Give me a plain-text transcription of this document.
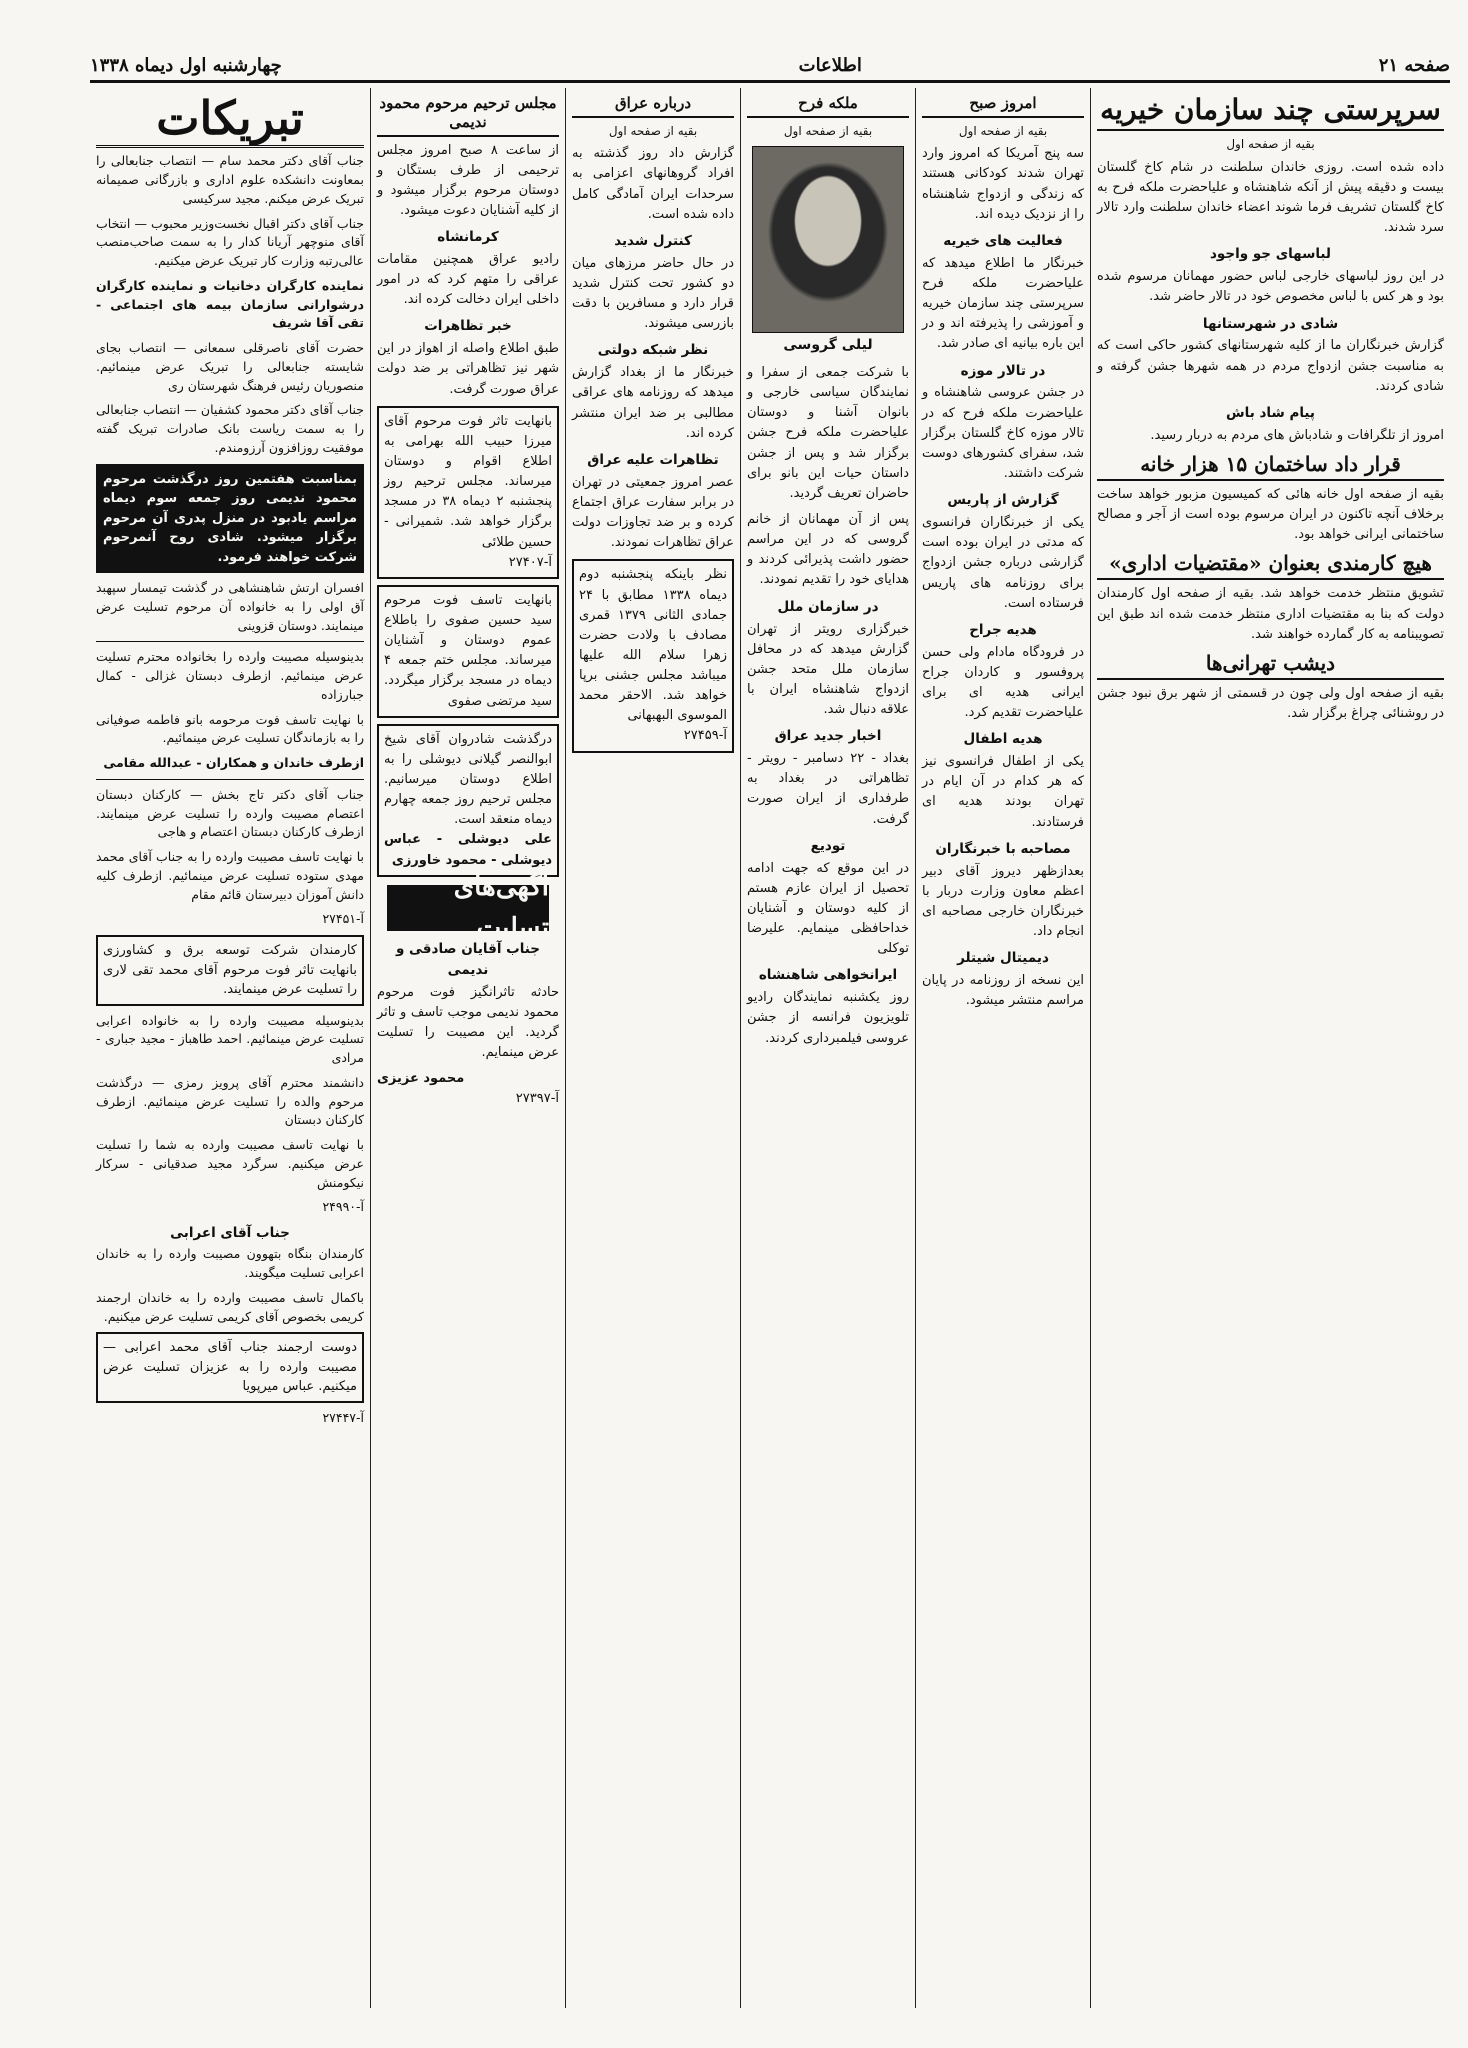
چهارشنبه اول دیماه ۱۳۳۸	اطلاعات	صفحه ۲۱
سرپرستی چند سازمان خیریه
بقیه از صفحه اول

داده شده است. روزی خاندان سلطنت در شام کاخ گلستان بیست و دقیقه پیش از آنکه شاهنشاه و علیاحضرت ملکه فرح به کاخ گلستان تشریف فرما شوند اعضاء خاندان سلطنت وارد تالار سرد شدند.

لباسهای جو واجود

در این روز لباسهای خارجی لباس حضور مهمانان مرسوم شده بود و هر کس با لباس مخصوص خود در تالار حاضر شد.

شادی در شهرستانها

گزارش خبرنگاران ما از کلیه شهرستانهای کشور حاکی است که به مناسبت جشن ازدواج مردم در همه شهرها جشن گرفته و شادی کردند.

پیام شاد باش

امروز از تلگرافات و شادباش های مردم به دربار رسید.

قرار داد ساختمان ۱۵ هزار خانه

بقیه از صفحه اول خانه هائی که کمیسیون مزبور خواهد ساخت برخلاف آنچه تاکنون در ایران مرسوم بوده است از آجر و مصالح ساختمانی ایرانی خواهد بود.

هیچ کارمندی بعنوان «مقتضیات اداری»

تشویق منتظر خدمت خواهد شد. بقیه از صفحه اول کارمندان دولت که بنا به مقتضیات اداری منتظر خدمت شده اند طبق این تصویبنامه به کار گمارده خواهند شد.

دیشب تهرانی‌ها

بقیه از صفحه اول ولی چون در قسمتی از شهر برق نبود جشن در روشنائی چراغ برگزار شد.

امروز صبح
بقیه از صفحه اول

سه پنج آمریکا که امروز وارد تهران شدند کودکانی هستند که زندگی و ازدواج شاهنشاه را از نزدیک دیده اند.

فعالیت های خیریه

خبرنگار ما اطلاع میدهد که علیاحضرت ملکه فرح سرپرستی چند سازمان خیریه و آموزشی را پذیرفته اند و در این باره بیانیه ای صادر شد.

در تالار موزه

در جشن عروسی شاهنشاه و علیاحضرت ملکه فرح که در تالار موزه کاخ گلستان برگزار شد، سفرای کشورهای دوست شرکت داشتند.

گزارش از پاریس

یکی از خبرنگاران فرانسوی که مدتی در ایران بوده است گزارشی درباره جشن ازدواج برای روزنامه های پاریس فرستاده است.

هدیه جراح

در فرودگاه مادام ولی حسن پروفسور و کاردان جراح ایرانی هدیه ای برای علیاحضرت تقدیم کرد.

هدیه اطفال

یکی از اطفال فرانسوی نیز که هر کدام در آن ایام در تهران بودند هدیه ای فرستادند.

مصاحبه با خبرنگاران

بعدازظهر دیروز آقای دبیر اعظم معاون وزارت دربار با خبرنگاران خارجی مصاحبه ای انجام داد.

دیمیتال شیتلر

این نسخه از روزنامه در پایان مراسم منتشر میشود.

ملکه فرح
بقیه از صفحه اول
لیلی گروسی

با شرکت جمعی از سفرا و نمایندگان سیاسی خارجی و بانوان آشنا و دوستان علیاحضرت ملکه فرح جشن برگزار شد و پس از جشن داستان حیات این بانو برای حاضران تعریف گردید.

پس از آن مهمانان از خانم گروسی که در این مراسم حضور داشت پذیرائی کردند و هدایای خود را تقدیم نمودند.

در سازمان ملل

خبرگزاری رویتر از تهران گزارش میدهد که در محافل سازمان ملل متحد جشن ازدواج شاهنشاه ایران با علاقه دنبال شد.

اخبار جدید عراق

بغداد - ۲۲ دسامبر - رویتر - تظاهراتی در بغداد به طرفداری از ایران صورت گرفت.

تودیع

در این موقع که جهت ادامه تحصیل از ایران عازم هستم از کلیه دوستان و آشنایان خداحافظی مینمایم. علیرضا توکلی

ایرانخواهی شاهنشاه

روز یکشنبه نمایندگان رادیو تلویزیون فرانسه از جشن عروسی فیلمبرداری کردند.

درباره عراق
بقیه از صفحه اول

گزارش داد روز گذشته به افراد گروهانهای اعزامی به سرحدات ایران آمادگی کامل داده شده است.

کنترل شدید

در حال حاضر مرزهای میان دو کشور تحت کنترل شدید قرار دارد و مسافرین با دقت بازرسی میشوند.

نظر شبکه دولتی

خبرنگار ما از بغداد گزارش میدهد که روزنامه های عراقی مطالبی بر ضد ایران منتشر کرده اند.

تظاهرات علیه عراق

عصر امروز جمعیتی در تهران در برابر سفارت عراق اجتماع کرده و بر ضد تجاوزات دولت عراق تظاهرات نمودند.

نظر باینکه پنجشنبه دوم دیماه ۱۳۳۸ مطابق با ۲۴ جمادی الثانی ۱۳۷۹ قمری مصادف با ولادت حضرت زهرا سلام الله علیها میباشد مجلس جشنی برپا خواهد شد. الاحقر محمد الموسوی البهبهانی
آ-۲۷۴۵۹
مجلس ترحیم مرحوم محمود ندیمی

از ساعت ۸ صبح امروز مجلس ترحیمی از طرف بستگان و دوستان مرحوم برگزار میشود و از کلیه آشنایان دعوت میشود.

کرمانشاه

رادیو عراق همچنین مقامات عراقی را متهم کرد که در امور داخلی ایران دخالت کرده اند.

خبر تظاهرات

طبق اطلاع واصله از اهواز در این شهر نیز تظاهراتی بر ضد دولت عراق صورت گرفت.

بانهایت تاثر فوت مرحوم آقای میرزا حبیب الله بهرامی به اطلاع اقوام و دوستان میرساند. مجلس ترحیم روز پنجشنبه ۲ دیماه ۳۸ در مسجد برگزار خواهد شد. شمیرانی - حسین طلائی
آ-۲۷۴۰۷
بانهایت تاسف فوت مرحوم سید حسین صفوی را باطلاع عموم دوستان و آشنایان میرساند. مجلس ختم جمعه ۴ دیماه در مسجد برگزار میگردد. سید مرتضی صفوی
درگذشت شادروان آقای شیخ ابوالنصر گیلانی دیوشلی را به اطلاع دوستان میرسانیم. مجلس ترحیم روز جمعه چهارم دیماه منعقد است.
علی دیوشلی - عباس دیوشلی - محمود خاورزی
آگهی‌های تسلیت
جناب آقایان صادقی و ندیمی

حادثه تاثرانگیز فوت مرحوم محمود ندیمی موجب تاسف و تاثر گردید. این مصیبت را تسلیت عرض مینمایم.

محمود عزیزی
آ-۲۷۳۹۷
تبریکات

جناب آقای دکتر محمد سام — انتصاب جنابعالی را بمعاونت دانشکده علوم اداری و بازرگانی صمیمانه تبریک عرض میکنم. مجید سرکیسی

جناب آقای دکتر اقبال نخست‌وزیر محبوب — انتخاب آقای منوچهر آریانا کدار را به سمت صاحب‌منصب عالی‌رتبه وزارت کار تبریک عرض میکنیم.

نماینده کارگران دخانیات و نماینده کارگران درشوارانی سازمان بیمه های اجتماعی - تقی آقا شریف

حضرت آقای ناصرقلی سمعانی — انتصاب بجای شایسته جنابعالی را تبریک عرض مینمائیم. منصوریان رئیس فرهنگ شهرستان ری

جناب آقای دکتر محمود کشفیان — انتصاب جنابعالی را به سمت ریاست بانک صادرات تبریک گفته موفقیت روزافزون آرزومندم.

بمناسبت هفتمین روز درگذشت مرحوم محمود ندیمی روز جمعه سوم دیماه مراسم یادبود در منزل پدری آن مرحوم برگزار میشود. شادی روح آنمرحوم شرکت خواهند فرمود.

افسران ارتش شاهنشاهی در گذشت تیمسار سپهبد آق اولی را به خانواده آن مرحوم تسلیت عرض مینمایند. دوستان قزوینی

بدینوسیله مصیبت وارده را بخانواده محترم تسلیت عرض مینمائیم. ازطرف دبستان غزالی - کمال جبارزاده

با نهایت تاسف فوت مرحومه بانو فاطمه صوفیانی را به بازماندگان تسلیت عرض مینمائیم.

ازطرف خاندان و همکاران - عبدالله مقامی

جناب آقای دکتر تاج بخش — کارکنان دبستان اعتصام مصیبت وارده را تسلیت عرض مینمایند. ازطرف کارکنان دبستان اعتصام و هاجی

با نهایت تاسف مصیبت وارده را به جناب آقای محمد مهدی ستوده تسلیت عرض مینمائیم. ازطرف کلیه دانش آموزان دبیرستان قائم مقام

آ-۲۷۴۵۱
کارمندان شرکت توسعه برق و کشاورزی بانهایت تاثر فوت مرحوم آقای محمد تقی لاری را تسلیت عرض مینمایند.

بدینوسیله مصیبت وارده را به خانواده اعرابی تسلیت عرض مینمائیم. احمد طاهباز - مجید جباری - مرادی

دانشمند محترم آقای پرویز رمزی — درگذشت مرحوم والده را تسلیت عرض مینمائیم. ازطرف کارکنان دبستان

با نهایت تاسف مصیبت وارده به شما را تسلیت عرض میکنیم. سرگرد مجید صدقیانی - سرکار نیکومنش

آ-۲۴۹۹۰
جناب آقای اعرابی

کارمندان بنگاه بتهوون مصیبت وارده را به خاندان اعرابی تسلیت میگویند.

باکمال تاسف مصیبت وارده را به خاندان ارجمند کریمی بخصوص آقای کریمی تسلیت عرض میکنیم.

دوست ارجمند جناب آقای محمد اعرابی — مصیبت وارده را به عزیزان تسلیت عرض میکنیم. عباس میرپویا
آ-۲۷۴۴۷
